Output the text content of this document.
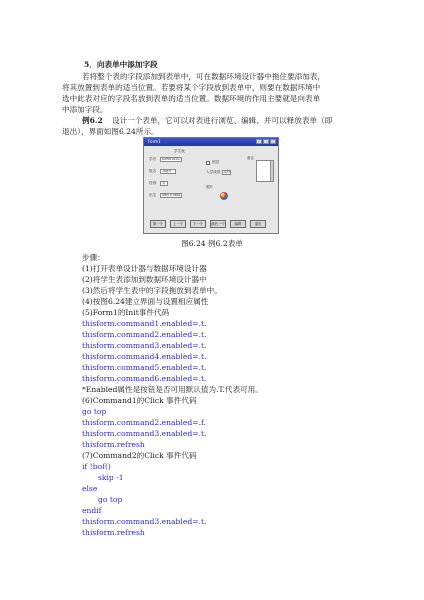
5．向表单中添加字段
若将整个表的字段添加到表单中，可在数据环境设计器中拖住要添加表，
将其放置到表单的适当位置。若要将某个字段放到表单中，则要在数据环境中
选中此表对应的字段名放到表单的适当位置。数据环境的作用主要就是向表单
中添加字段。
例6.2 设计一个表单，它可以对表进行浏览、编辑、并可以释放表单（即
退出），界面如图6.24所示。
Form1
学生表
学号	s09010101
姓名	刘晓军
性别	男
出生	09/01/1984
团员
入学成绩	437
照片
备注
第一个	上一个	下一个	最后一个	编辑	退出
图6.24 例6.2表单
步骤：
(1)打开表单设计器与数据环境设计器
(2)将学生表添加到数据环境设计器中
(3)然后将学生表中的字段拖放到表单中。
(4)按图6.24建立界面与设置相应属性
(5)Form1的Init事件代码
thisform.command1.enabled=.t.
thisform.command2.enabled=.t.
thisform.command3.enabled=.t.
thisform.command4.enabled=.t.
thisform.command5.enabled=.t.
thisform.command6.enabled=.t.
*Enabled属性是按钮是否可用默认值为.T.代表可用。
(6)Command1的Click 事件代码
go top
thisform.command2.enabled=.f.
thisform.command3.enabled=.t.
thisform.refresh
(7)Command2的Click 事件代码
if !bof()
skip -1
else
go top
endif
thisform.command3.enabled=.t.
thisform.refresh
